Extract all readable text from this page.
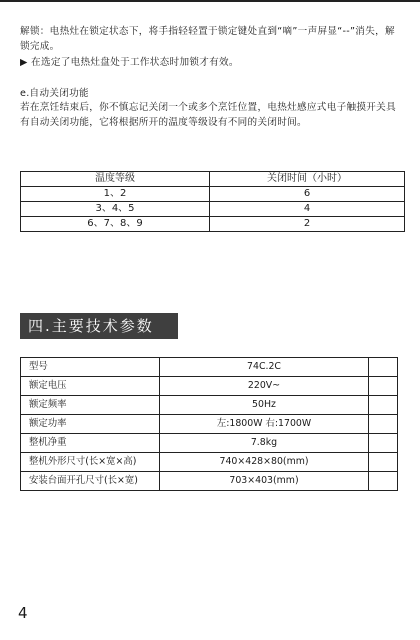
解锁：电热灶在锁定状态下，将手指轻轻置于锁定键处直到“嘀”一声屏显“--”消失，解锁完成。
▶ 在选定了电热灶盘处于工作状态时加锁才有效。
e.自动关闭功能
若在烹饪结束后，你不慎忘记关闭一个或多个烹饪位置，电热灶感应式电子触摸开关具有自动关闭功能，它将根据所开的温度等级设有不同的关闭时间。
温度等级	关闭时间（小时）
1、2	6
3、4、5	4
6、7、8、9	2
四.主要技术参数
型号	74C.2C	
额定电压	220V~	
额定频率	50Hz	
额定功率	左:1800W 右:1700W	
整机净重	7.8kg	
整机外形尺寸(长×宽×高)	740×428×80(mm)	
安装台面开孔尺寸(长×宽)	703×403(mm)	
4
